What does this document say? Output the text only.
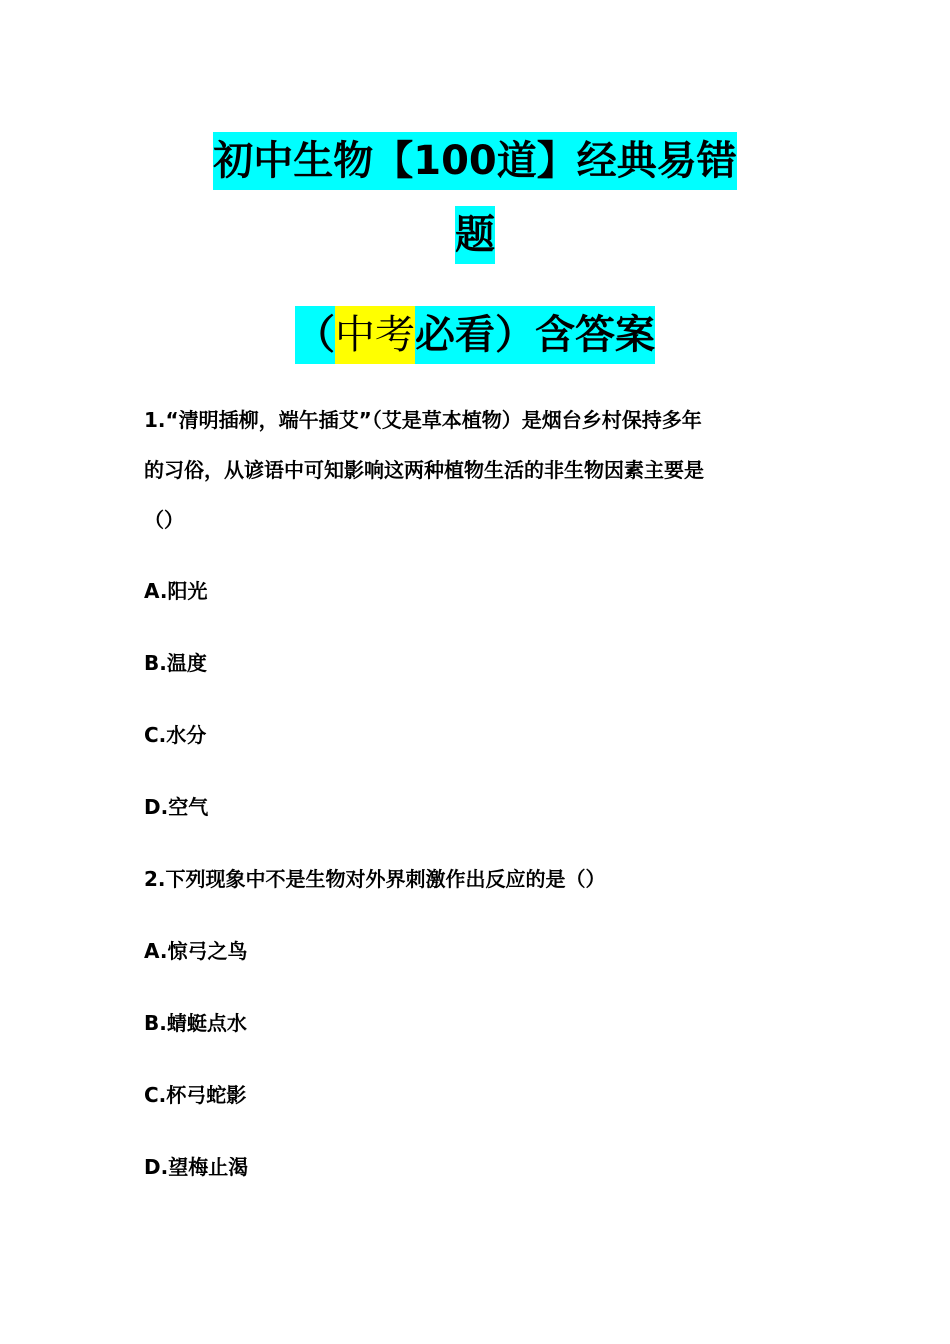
初中生物【100道】经典易错
题
（中考必看）含答案
1.“清明插柳，端午插艾”（艾是草本植物）是烟台乡村保持多年
的习俗，从谚语中可知影响这两种植物生活的非生物因素主要是
（）
A.阳光
B.温度
C.水分
D.空气
2.下列现象中不是生物对外界刺激作出反应的是（）
A.惊弓之鸟
B.蜻蜓点水
C.杯弓蛇影
D.望梅止渴
